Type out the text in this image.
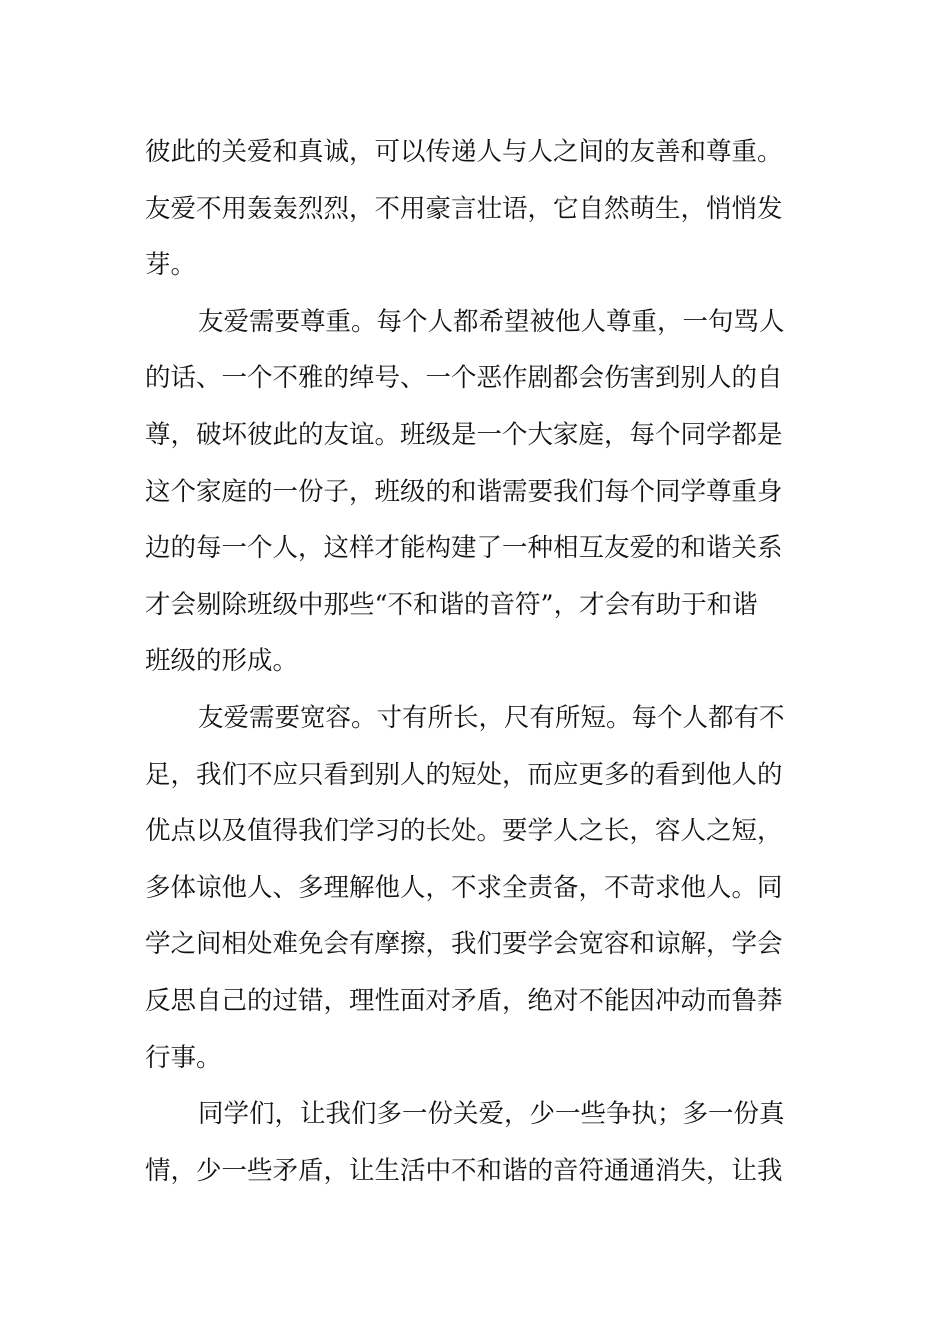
彼此的关爱和真诚，可以传递人与人之间的友善和尊重。
友爱不用轰轰烈烈，不用豪言壮语，它自然萌生，悄悄发
芽。
友爱需要尊重。每个人都希望被他人尊重，一句骂人
的话、一个不雅的绰号、一个恶作剧都会伤害到别人的自
尊，破坏彼此的友谊。班级是一个大家庭，每个同学都是
这个家庭的一份子，班级的和谐需要我们每个同学尊重身
边的每一个人，这样才能构建了一种相互友爱的和谐关系
才会剔除班级中那些“不和谐的音符”，才会有助于和谐
班级的形成。
友爱需要宽容。寸有所长，尺有所短。每个人都有不
足，我们不应只看到别人的短处，而应更多的看到他人的
优点以及值得我们学习的长处。要学人之长，容人之短，
多体谅他人、多理解他人，不求全责备，不苛求他人。同
学之间相处难免会有摩擦，我们要学会宽容和谅解，学会
反思自己的过错，理性面对矛盾，绝对不能因冲动而鲁莽
行事。
同学们，让我们多一份关爱，少一些争执；多一份真
情，少一些矛盾，让生活中不和谐的音符通通消失，让我
